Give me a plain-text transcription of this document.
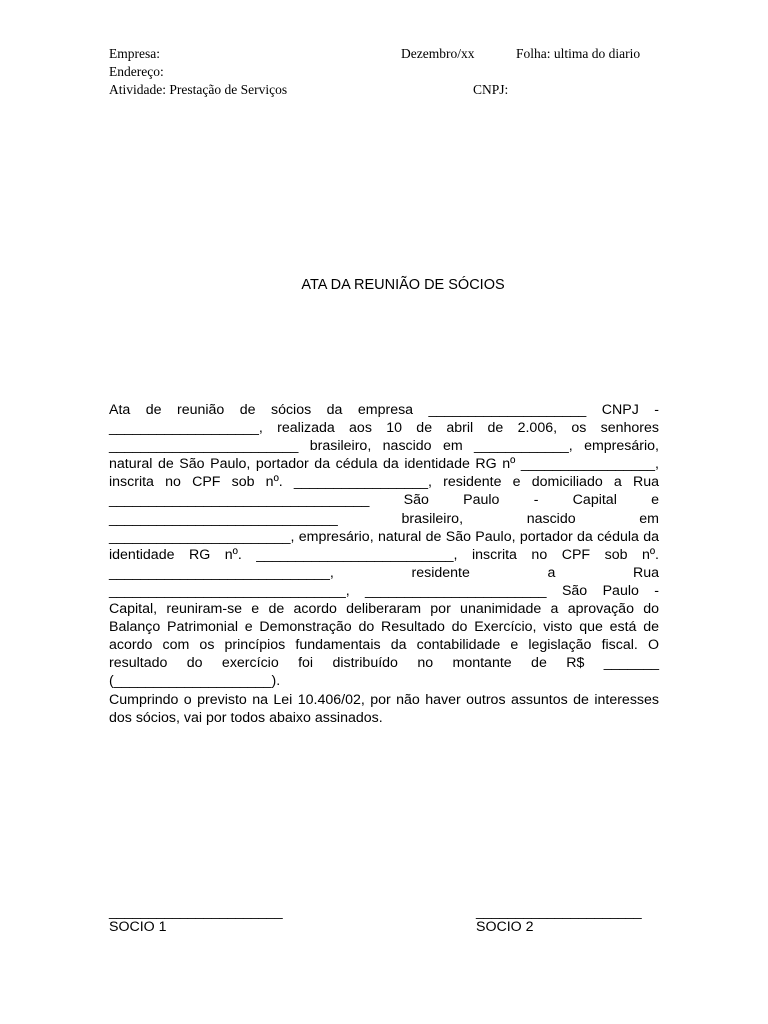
Empresa:	Dezembro/xx	Folha: ultima do diario
Endereço:
Atividade: Prestação de Serviços	CNPJ:
ATA DA REUNIÃO DE SÓCIOS

Ata de reunião de sócios da empresa ____________________ CNPJ -___________________, realizada aos 10 de abril de 2.006, os senhores ________________________ brasileiro, nascido em ____________, empresário, natural de São Paulo, portador da cédula da identidade RG nº _________________, inscrita no CPF sob nº. _________________, residente e domiciliado a Rua _________________________________ São Paulo - Capital e _____________________________ brasileiro, nascido em _______________________, empresário, natural de São Paulo, portador da cédula da identidade RG nº. _________________________, inscrita no CPF sob nº. ____________________________, residente a Rua ______________________________, _______________________ São Paulo - Capital, reuniram-se e de acordo deliberaram por unanimidade a aprovação do Balanço Patrimonial e Demonstração do Resultado do Exercício, visto que está de acordo com os princípios fundamentais da contabilidade e legislação fiscal. O resultado do exercício foi distribuído no montante de R$ _______ (____________________).

Cumprindo o previsto na Lei 10.406/02, por não haver outros assuntos de interesses dos sócios, vai por todos abaixo assinados.

______________________
SOCIO 1
_____________________
SOCIO 2
